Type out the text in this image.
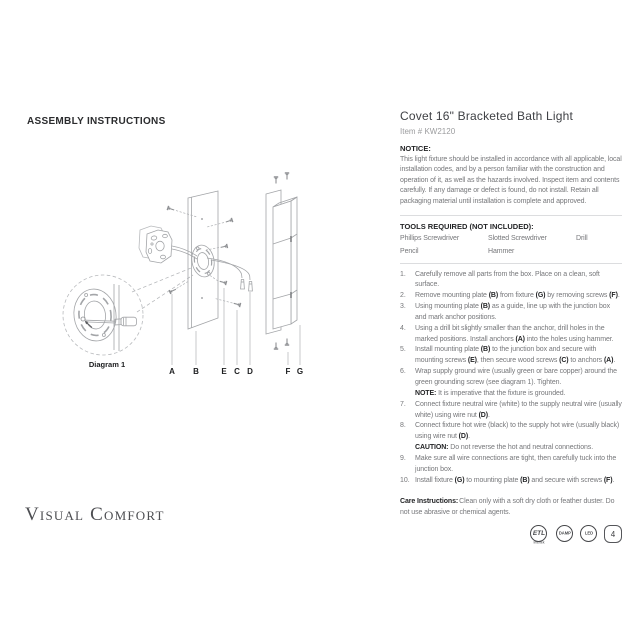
ASSEMBLY INSTRUCTIONS
Diagram 1
A B	E C D	F G
Visual Comfort
Covet 16" Bracketed Bath Light
Item # KW2120
NOTICE:

This light fixture should be installed in accordance with all applicable, local installation codes, and by a person familiar with the construction and operation of it, as well as the hazards involved. Inspect item and contents carefully. If any damage or defect is found, do not install. Retain all packaging material until installation is complete and approved.

TOOLS REQUIRED (NOT INCLUDED):
Phillips Screwdriver	Slotted Screwdriver	Drill
Pencil	Hammer
1.	Carefully remove all parts from the box. Place on a clean, soft surface.
2.	Remove mounting plate (B) from fixture (G) by removing screws (F).
3.	Using mounting plate (B) as a guide, line up with the junction box and mark anchor positions.
4.	Using a drill bit slightly smaller than the anchor, drill holes in the marked positions. Install anchors (A) into the holes using hammer.
5.	Install mounting plate (B) to the junction box and secure with mounting screws (E), then secure wood screws (C) to anchors (A).
6.	Wrap supply ground wire (usually green or bare copper) around the green grounding screw (see diagram 1). Tighten.
NOTE: It is imperative that the fixture is grounded.
7.	Connect fixture neutral wire (white) to the supply neutral wire (usually white) using wire nut (D).
8.	Connect fixture hot wire (black) to the supply hot wire (usually black) using wire nut (D).
CAUTION: Do not reverse the hot and neutral connections.
9.	Make sure all wire connections are tight, then carefully tuck into the junction box.
10. Install fixture (G) to mounting plate (B) and secure with screws (F).

Care Instructions:Clean only with a soft dry cloth or feather duster. Do not use abrasive or chemical agents.

ETL
Intertek
DAMP LED	4
